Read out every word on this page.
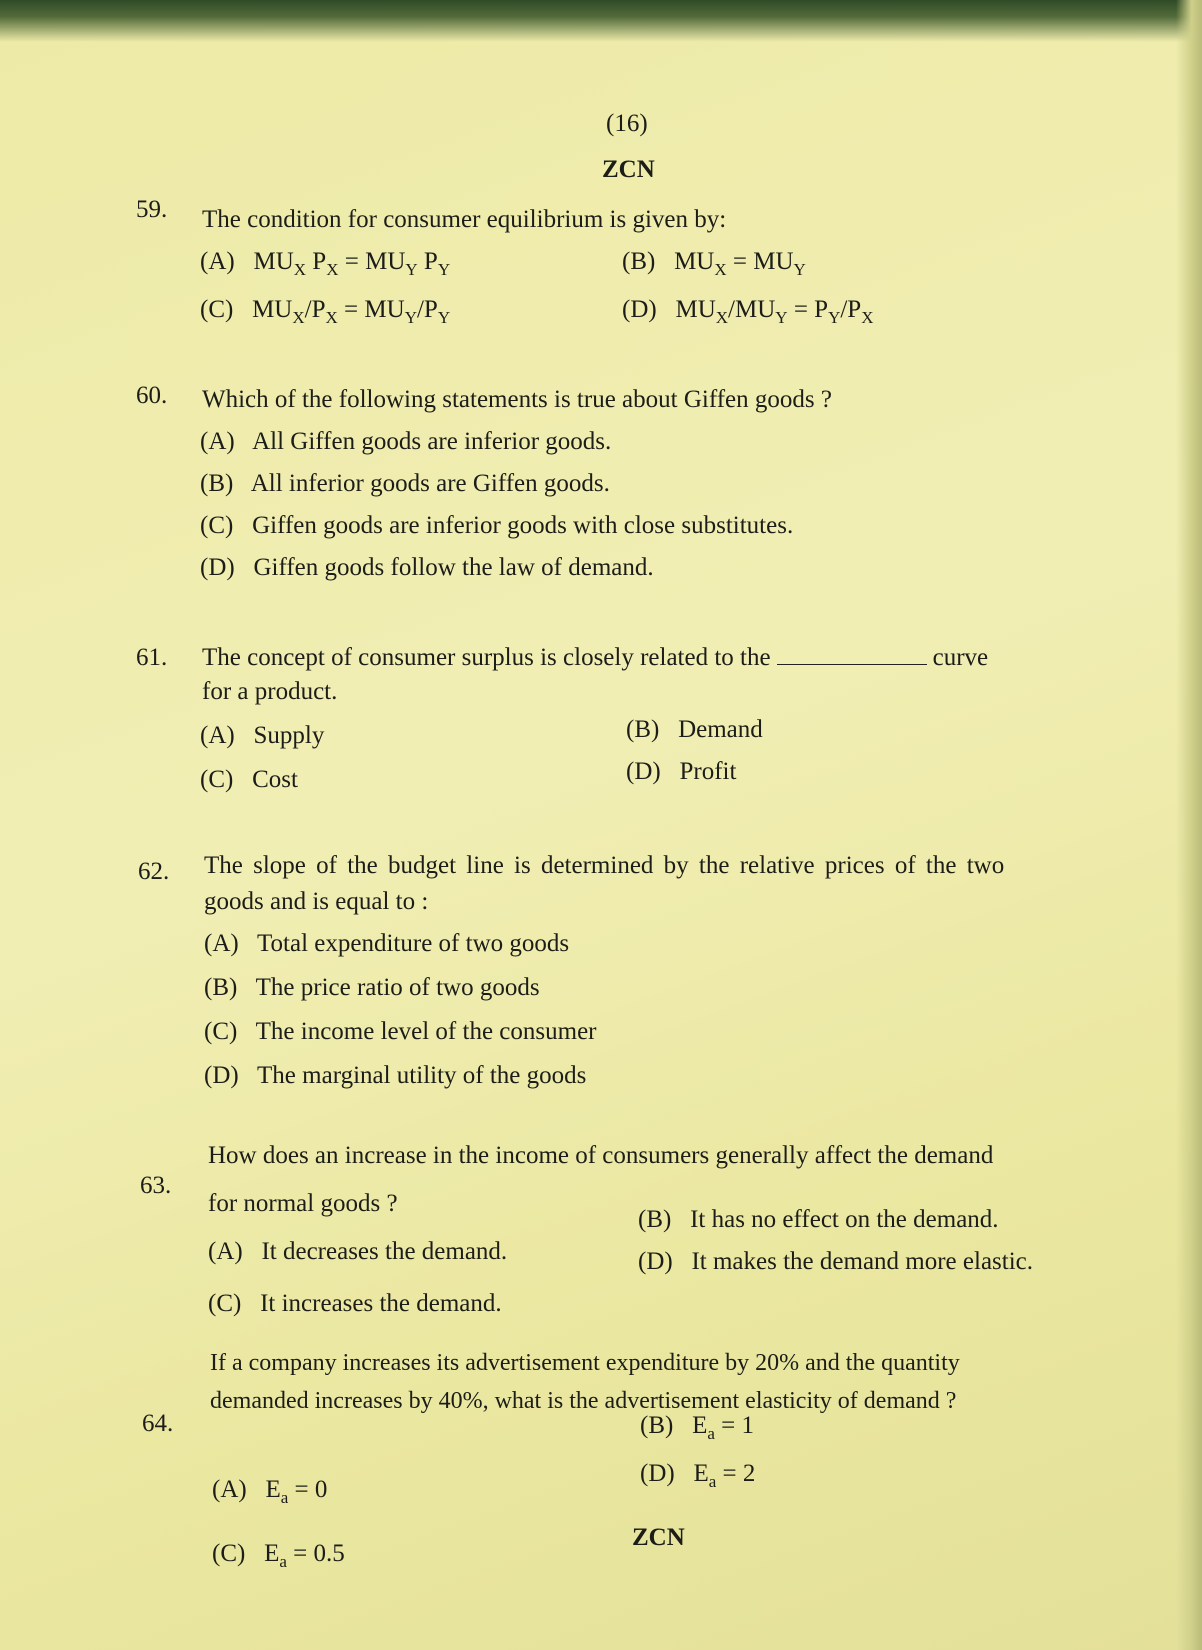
(16)
ZCN
59. The condition for consumer equilibrium is given by:
(A) $MU_X$ $P_X = MU_Y$ $P_Y$	(B) $MU_X = MU_Y$
(C) $MU_X/P_X = MU_Y/P_Y$	(D) $MU_X/MU_Y = P_Y/P_X$
60. Which of the following statements is true about Giffen goods ?
(A) All Giffen goods are inferior goods.
(B) All inferior goods are Giffen goods.
(C) Giffen goods are inferior goods with close substitutes.
(D) Giffen goods follow the law of demand.
61. The concept of consumer surplus is closely related to the	curve
for a product.
(A) Supply	(B) Demand
(C) Cost	(D) Profit
62. The slope of the budget line is determined by the relative prices of the two
goods and is equal to :
(A) Total expenditure of two goods
(B) The price ratio of two goods
(C) The income level of the consumer
(D) The marginal utility of the goods
63.
How does an increase in the income of consumers generally affect the demand
for normal goods ?
(A) It decreases the demand.
(B) It has no effect on the demand.
(C) It increases the demand.
(D) It makes the demand more elastic.
64.
If a company increases its advertisement expenditure by 20% and the quantity
demanded increases by 40%, what is the advertisement elasticity of demand ?
(A) $E_a = 0$
(B) $E_a = 1$
(C) $E_a = 0.5$
(D) $E_a = 2$
ZCN
